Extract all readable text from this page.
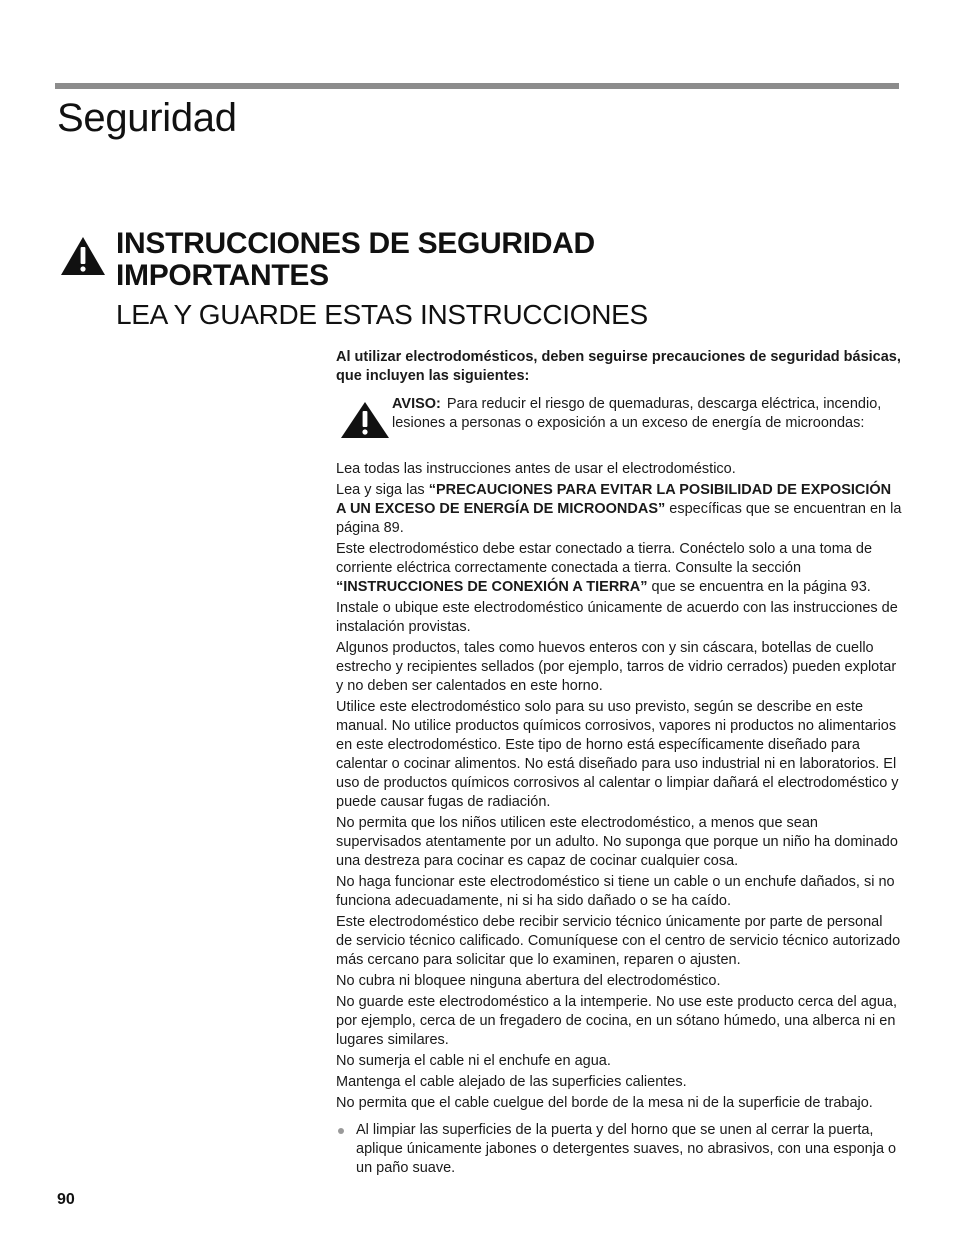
Seguridad
INSTRUCCIONES DE SEGURIDAD IMPORTANTES
LEA Y GUARDE ESTAS INSTRUCCIONES

Al utilizar electrodomésticos, deben seguirse precauciones de seguridad básicas, que incluyen las siguientes:

AVISO: Para reducir el riesgo de quemaduras, descarga eléctrica, incendio, lesiones a personas o exposición a un exceso de energía de microondas:

Lea todas las instrucciones antes de usar el electrodoméstico.

Lea y siga las “PRECAUCIONES PARA EVITAR LA POSIBILIDAD DE EXPOSICIÓN A UN EXCESO DE ENERGÍA DE MICROONDAS” específicas que se encuentran en la página 89.

Este electrodoméstico debe estar conectado a tierra. Conéctelo solo a una toma de corriente eléctrica correctamente conectada a tierra. Consulte la sección “INSTRUCCIONES DE CONEXIÓN A TIERRA” que se encuentra en la página 93.

Instale o ubique este electrodoméstico únicamente de acuerdo con las instrucciones de instalación provistas.

Algunos productos, tales como huevos enteros con y sin cáscara, botellas de cuello estrecho y recipientes sellados (por ejemplo, tarros de vidrio cerrados) pueden explotar y no deben ser calentados en este horno.

Utilice este electrodoméstico solo para su uso previsto, según se describe en este manual. No utilice productos químicos corrosivos, vapores ni productos no alimentarios en este electrodoméstico. Este tipo de horno está específicamente diseñado para calentar o cocinar alimentos. No está diseñado para uso industrial ni en laboratorios. El uso de productos químicos corrosivos al calentar o limpiar dañará el electrodoméstico y puede causar fugas de radiación.

No permita que los niños utilicen este electrodoméstico, a menos que sean supervisados atentamente por un adulto. No suponga que porque un niño ha dominado una destreza para cocinar es capaz de cocinar cualquier cosa.

No haga funcionar este electrodoméstico si tiene un cable o un enchufe dañados, si no funciona adecuadamente, ni si ha sido dañado o se ha caído.

Este electrodoméstico debe recibir servicio técnico únicamente por parte de personal de servicio técnico calificado. Comuníquese con el centro de servicio técnico autorizado más cercano para solicitar que lo examinen, reparen o ajusten.

No cubra ni bloquee ninguna abertura del electrodoméstico.

No guarde este electrodoméstico a la intemperie. No use este producto cerca del agua, por ejemplo, cerca de un fregadero de cocina, en un sótano húmedo, una alberca ni en lugares similares.

No sumerja el cable ni el enchufe en agua.

Mantenga el cable alejado de las superficies calientes.

No permita que el cable cuelgue del borde de la mesa ni de la superficie de trabajo.

Al limpiar las superficies de la puerta y del horno que se unen al cerrar la puerta, aplique únicamente jabones o detergentes suaves, no abrasivos, con una esponja o un paño suave.

90
